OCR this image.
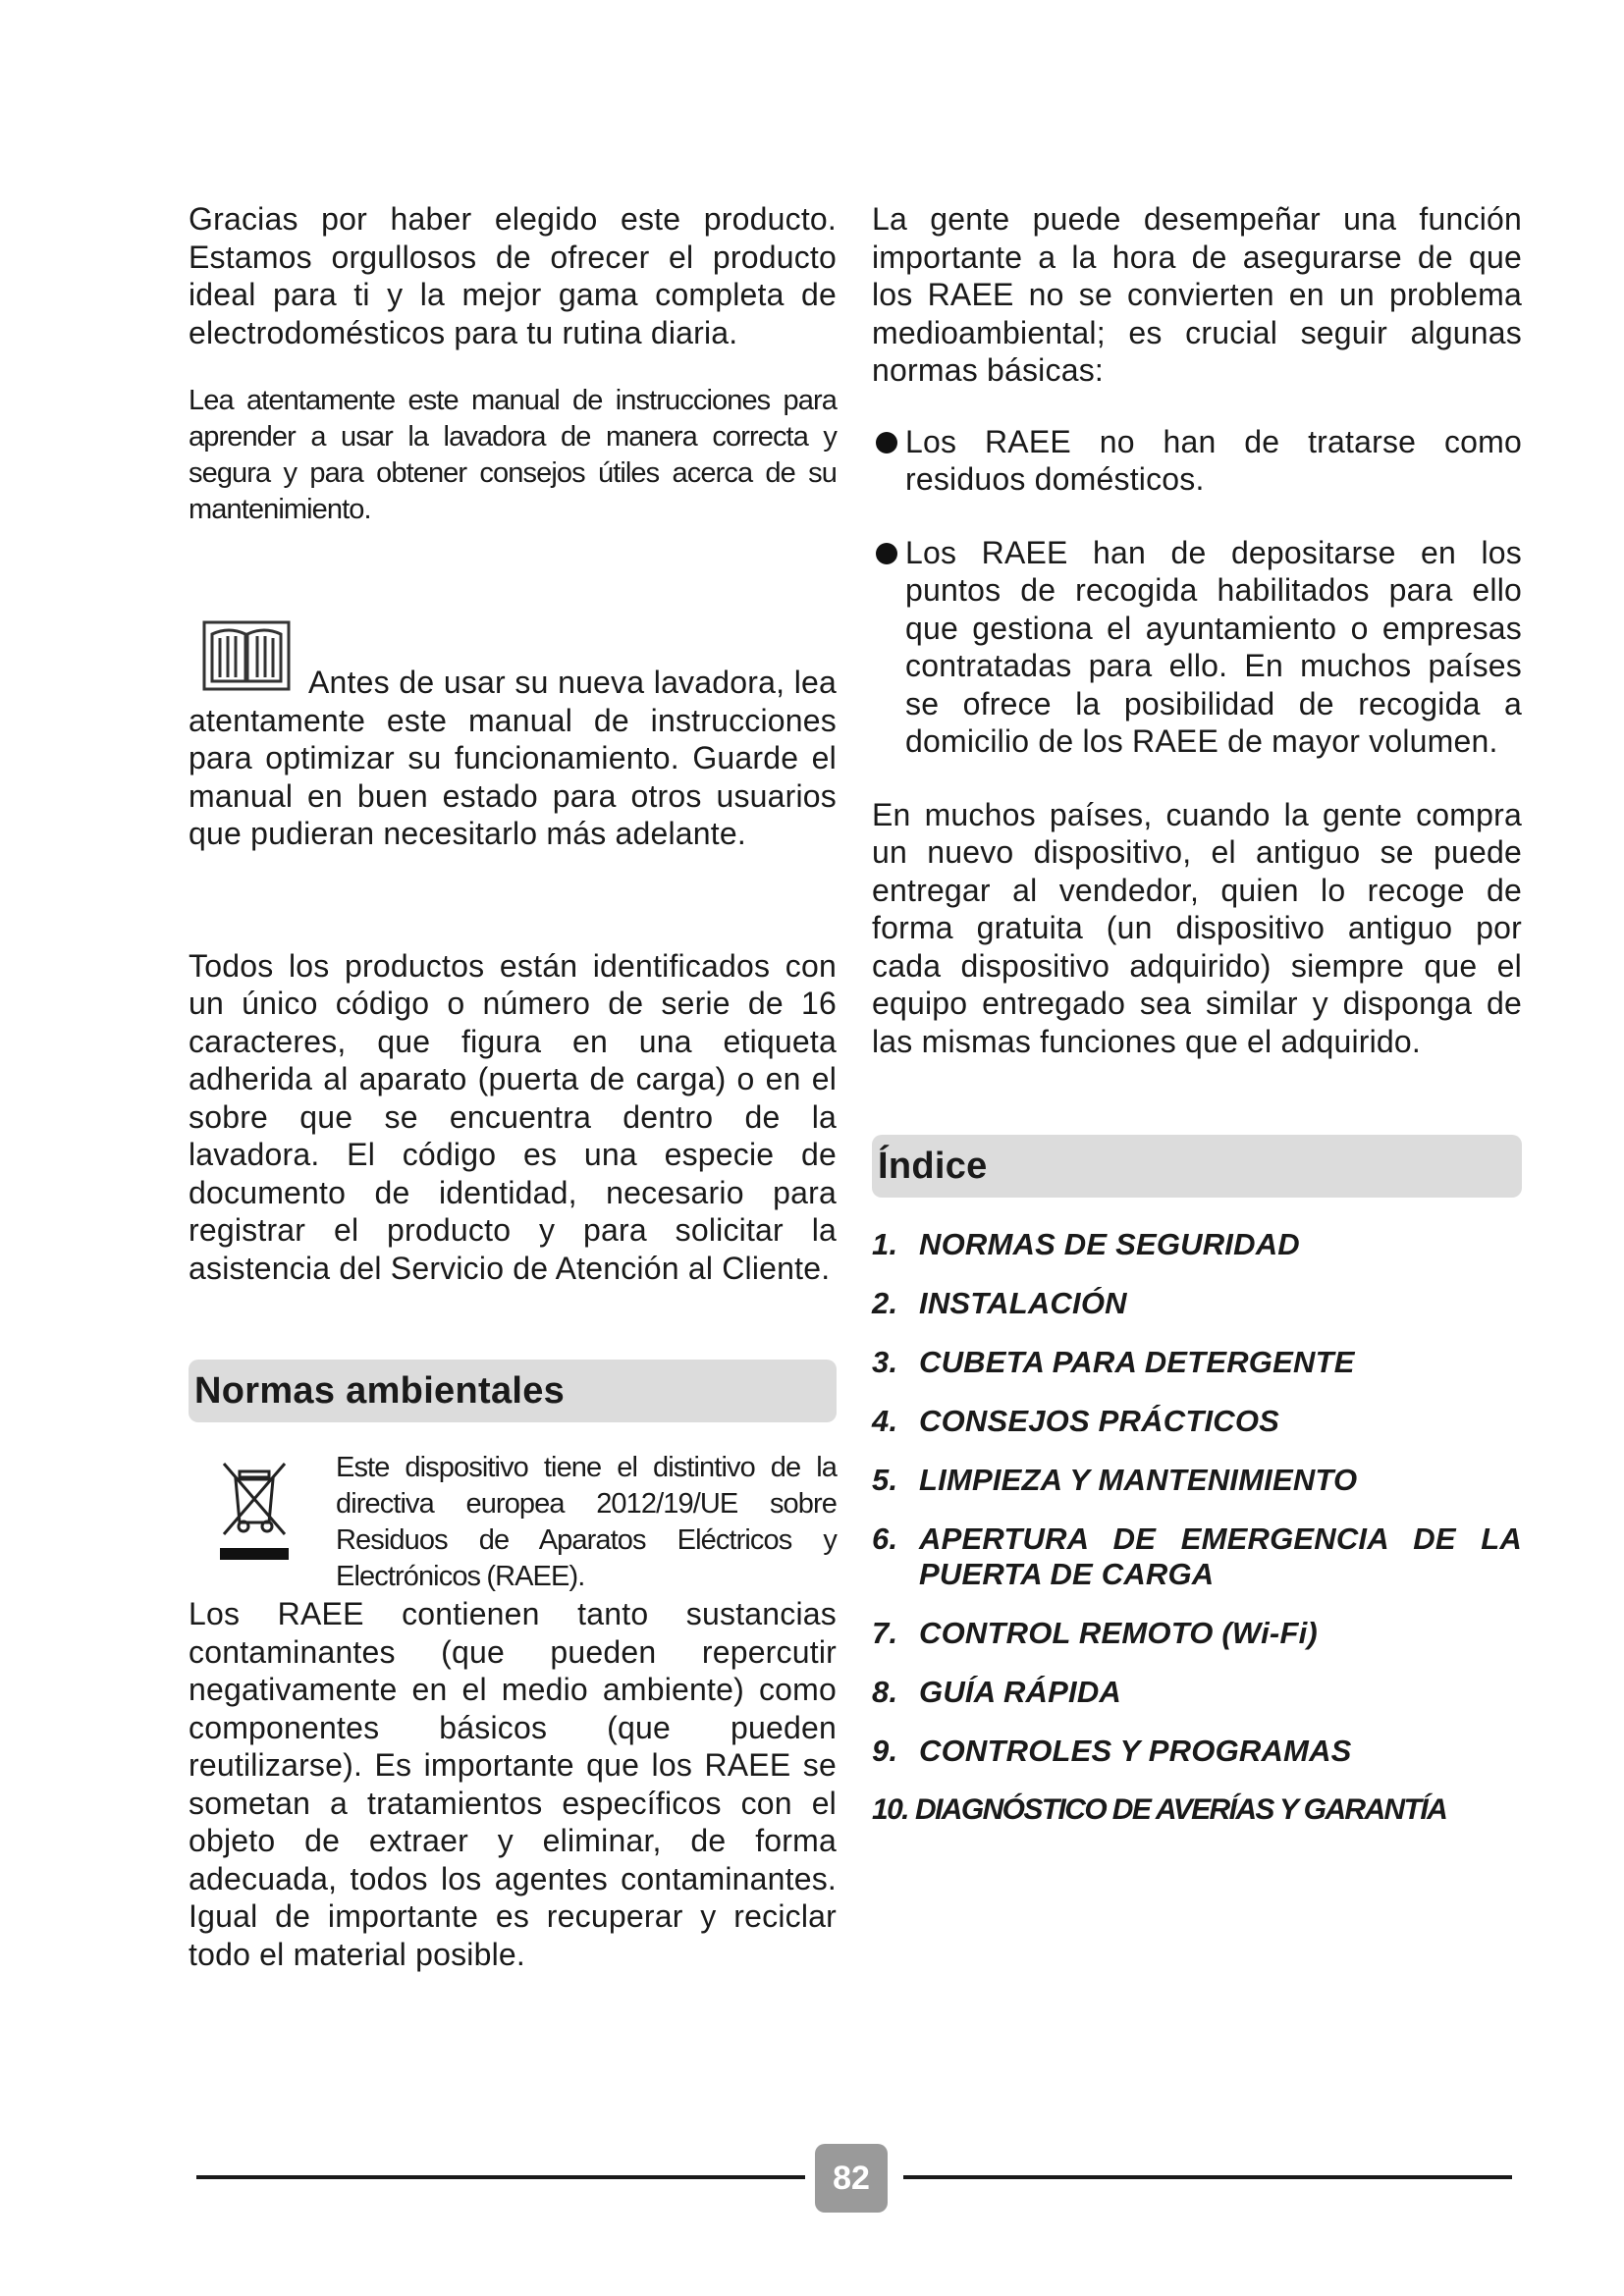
Gracias por haber elegido este producto. Estamos orgullosos de ofrecer el producto ideal para ti y la mejor gama completa de electrodomésticos para tu rutina diaria.

Lea atentamente este manual de instrucciones para aprender a usar la lavadora de manera correcta y segura y para obtener consejos útiles acerca de su mantenimiento.

Antes de usar su nueva lavadora, lea atentamente este manual de instrucciones para optimizar su funcionamiento. Guarde el manual en buen estado para otros usuarios que pudieran necesitarlo más adelante.

Todos los productos están identificados con un único código o número de serie de 16 caracteres, que figura en una etiqueta adherida al aparato (puerta de carga) o en el sobre que se encuentra dentro de la lavadora. El código es una especie de documento de identidad, necesario para registrar el producto y para solicitar la asistencia del Servicio de Atención al Cliente.

Normas ambientales

Este dispositivo tiene el distintivo de la directiva europea 2012/19/UE sobre Residuos de Aparatos Eléctricos y Electrónicos (RAEE).

Los RAEE contienen tanto sustancias contaminantes (que pueden repercutir negativamente en el medio ambiente) como componentes básicos (que pueden reutilizarse). Es importante que los RAEE se sometan a tratamientos específicos con el objeto de extraer y eliminar, de forma adecuada, todos los agentes contaminantes. Igual de importante es recuperar y reciclar todo el material posible.

La gente puede desempeñar una función importante a la hora de asegurarse de que los RAEE no se convierten en un problema medioambiental; es crucial seguir algunas normas básicas:

Los RAEE no han de tratarse como residuos domésticos.
Los RAEE han de depositarse en los puntos de recogida habilitados para ello que gestiona el ayuntamiento o empresas contratadas para ello. En muchos países se ofrece la posibilidad de recogida a domicilio de los RAEE de mayor volumen.

En muchos países, cuando la gente compra un nuevo dispositivo, el antiguo se puede entregar al vendedor, quien lo recoge de forma gratuita (un dispositivo antiguo por cada dispositivo adquirido) siempre que el equipo entregado sea similar y disponga de las mismas funciones que el adquirido.

Índice
1. NORMAS DE SEGURIDAD
2. INSTALACIÓN
3. CUBETA PARA DETERGENTE
4. CONSEJOS PRÁCTICOS
5. LIMPIEZA Y MANTENIMIENTO
6. APERTURA DE EMERGENCIA DE LA PUERTA DE CARGA
7. CONTROL REMOTO (Wi-Fi)
8. GUÍA RÁPIDA
9. CONTROLES Y PROGRAMAS
10. DIAGNÓSTICO DE AVERÍAS Y GARANTÍA
82
